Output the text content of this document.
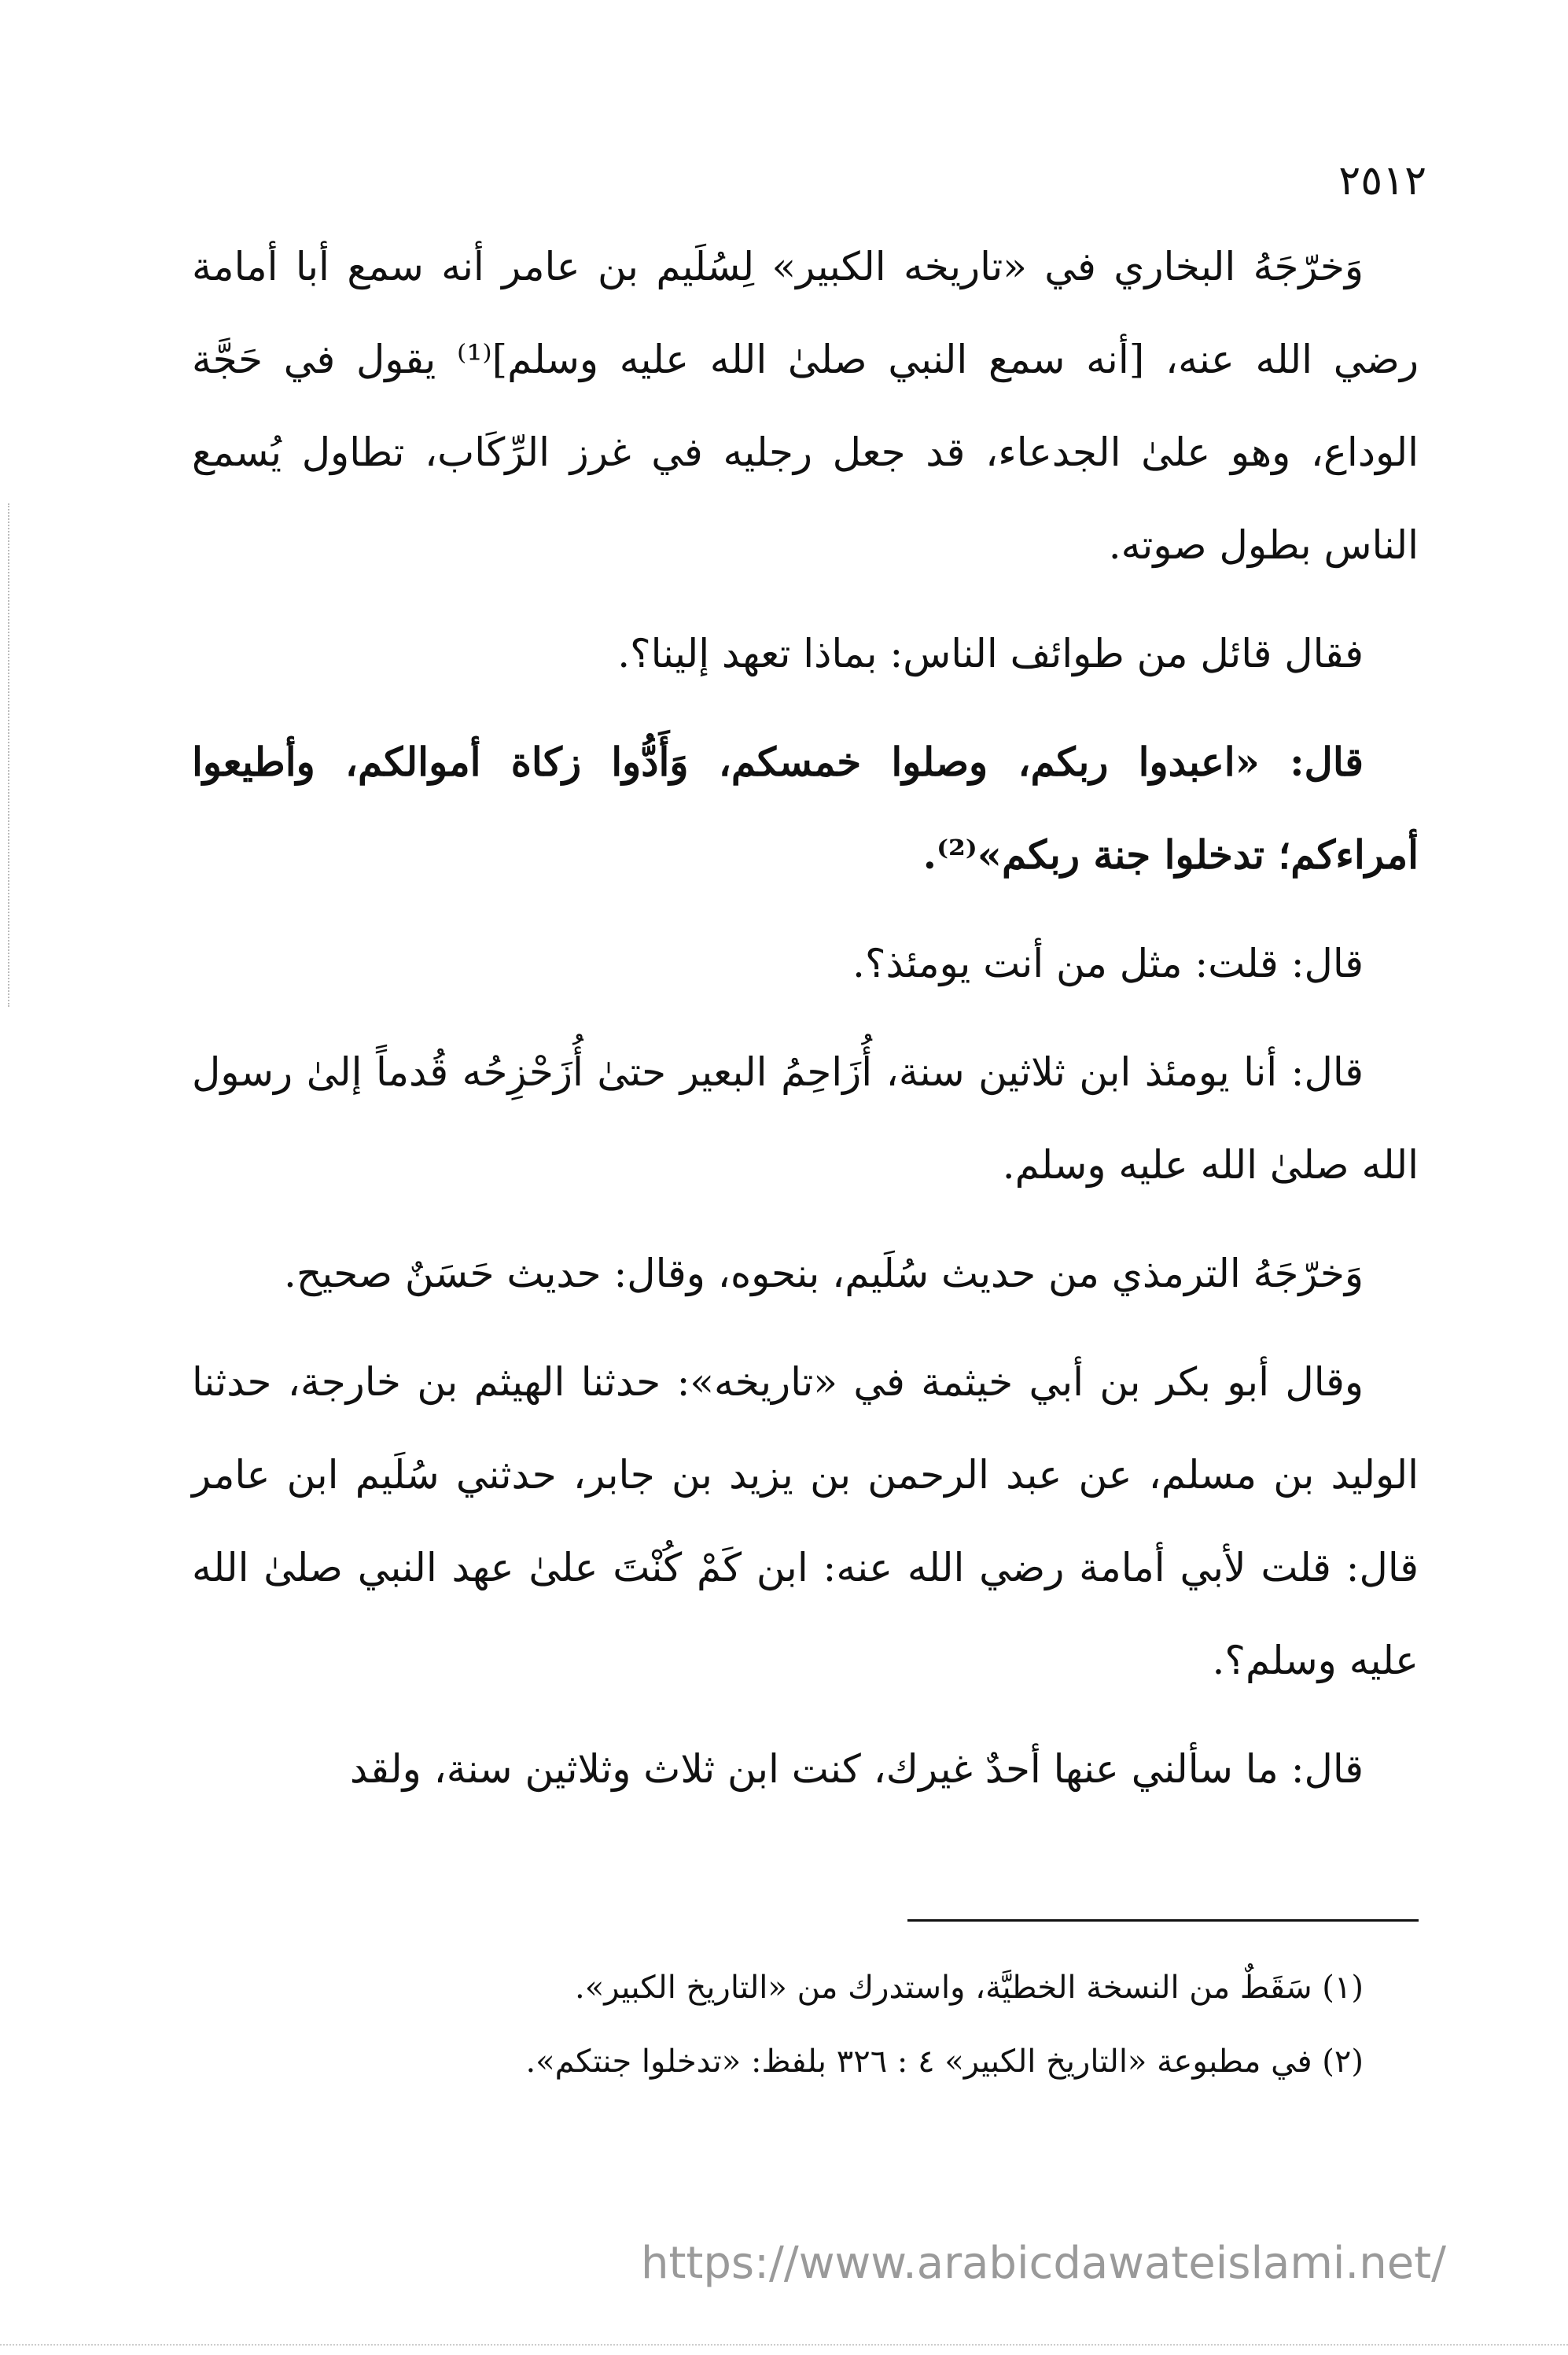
٢٥١٢

وَخرّجَهُ البخاري في «تاريخه الكبير» لِسُلَيم بن عامر أنه سمع أبا أمامة رضي الله عنه، [أنه سمع النبي صلىٰ الله عليه وسلم]⁽¹⁾ يقول في حَجَّة الوداع، وهو علىٰ الجدعاء، قد جعل رجليه في غرز الرِّكَاب، تطاول يُسمع الناس بطول صوته.

فقال قائل من طوائف الناس: بماذا تعهد إلينا؟.

قال: «اعبدوا ربكم، وصلوا خمسكم، وَأَدُّوا زكاة أموالكم، وأطيعوا أمراءكم؛ تدخلوا جنة ربكم»⁽²⁾.

قال: قلت: مثل من أنت يومئذ؟.

قال: أنا يومئذ ابن ثلاثين سنة، أُزَاحِمُ البعير حتىٰ أُزَحْزِحُه قُدماً إلىٰ رسول الله صلىٰ الله عليه وسلم.

وَخرّجَهُ الترمذي من حديث سُلَيم، بنحوه، وقال: حديث حَسَنٌ صحيح.

وقال أبو بكر بن أبي خيثمة في «تاريخه»: حدثنا الهيثم بن خارجة، حدثنا الوليد بن مسلم، عن عبد الرحمن بن يزيد بن جابر، حدثني سُلَيم ابن عامر قال: قلت لأبي أمامة رضي الله عنه: ابن كَمْ كُنْتَ علىٰ عهد النبي صلىٰ الله عليه وسلم؟.

قال: ما سألني عنها أحدٌ غيرك، كنت ابن ثلاث وثلاثين سنة، ولقد

(١) سَقَطٌ من النسخة الخطيَّة، واستدرك من «التاريخ الكبير».

(٢) في مطبوعة «التاريخ الكبير» ٤ : ٣٢٦ بلفظ: «تدخلوا جنتكم».

https://www.arabicdawateislami.net/
